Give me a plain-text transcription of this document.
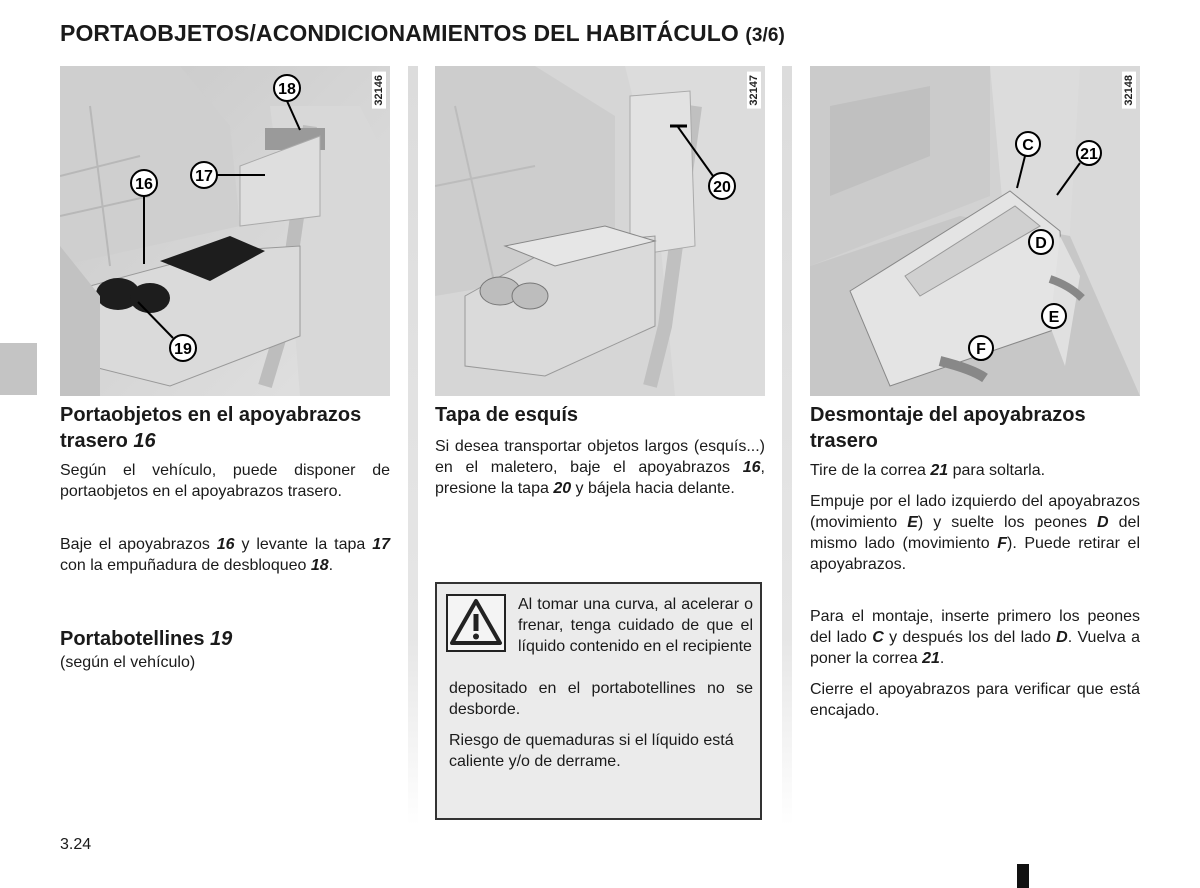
PORTAOBJETOS/ACONDICIONAMIENTOS DEL HABITÁCULO (3/6)
18
17
16
19
32146
20
32147
C
21
D
E
F
32148
Portaobjetos en el apoyabrazos trasero 16

Según el vehículo, puede disponer de portaobjetos en el apoyabrazos trasero.

Baje el apoyabrazos 16 y levante la tapa 17 con la empuñadura de desbloqueo 18.

Portabotellines 19
(según el vehículo)
Tapa de esquís

Si desea transportar objetos largos (esquís...) en el maletero, baje el apoyabrazos 16, presione la tapa 20 y bájela hacia delante.

Al tomar una curva, al acelerar o frenar, tenga cuidado de que el líquido contenido en el recipiente

depositado en el portabotellines no se desborde.

Riesgo de quemaduras si el líquido está caliente y/o de derrame.

Desmontaje del apoyabrazos trasero

Tire de la correa 21 para soltarla.

Empuje por el lado izquierdo del apoyabrazos (movimiento E) y suelte los peones D del mismo lado (movimiento F). Puede retirar el apoyabrazos.

Para el montaje, inserte primero los peones del lado C y después los del lado D. Vuelva a poner la correa 21.

Cierre el apoyabrazos para verificar que está encajado.

3.24
